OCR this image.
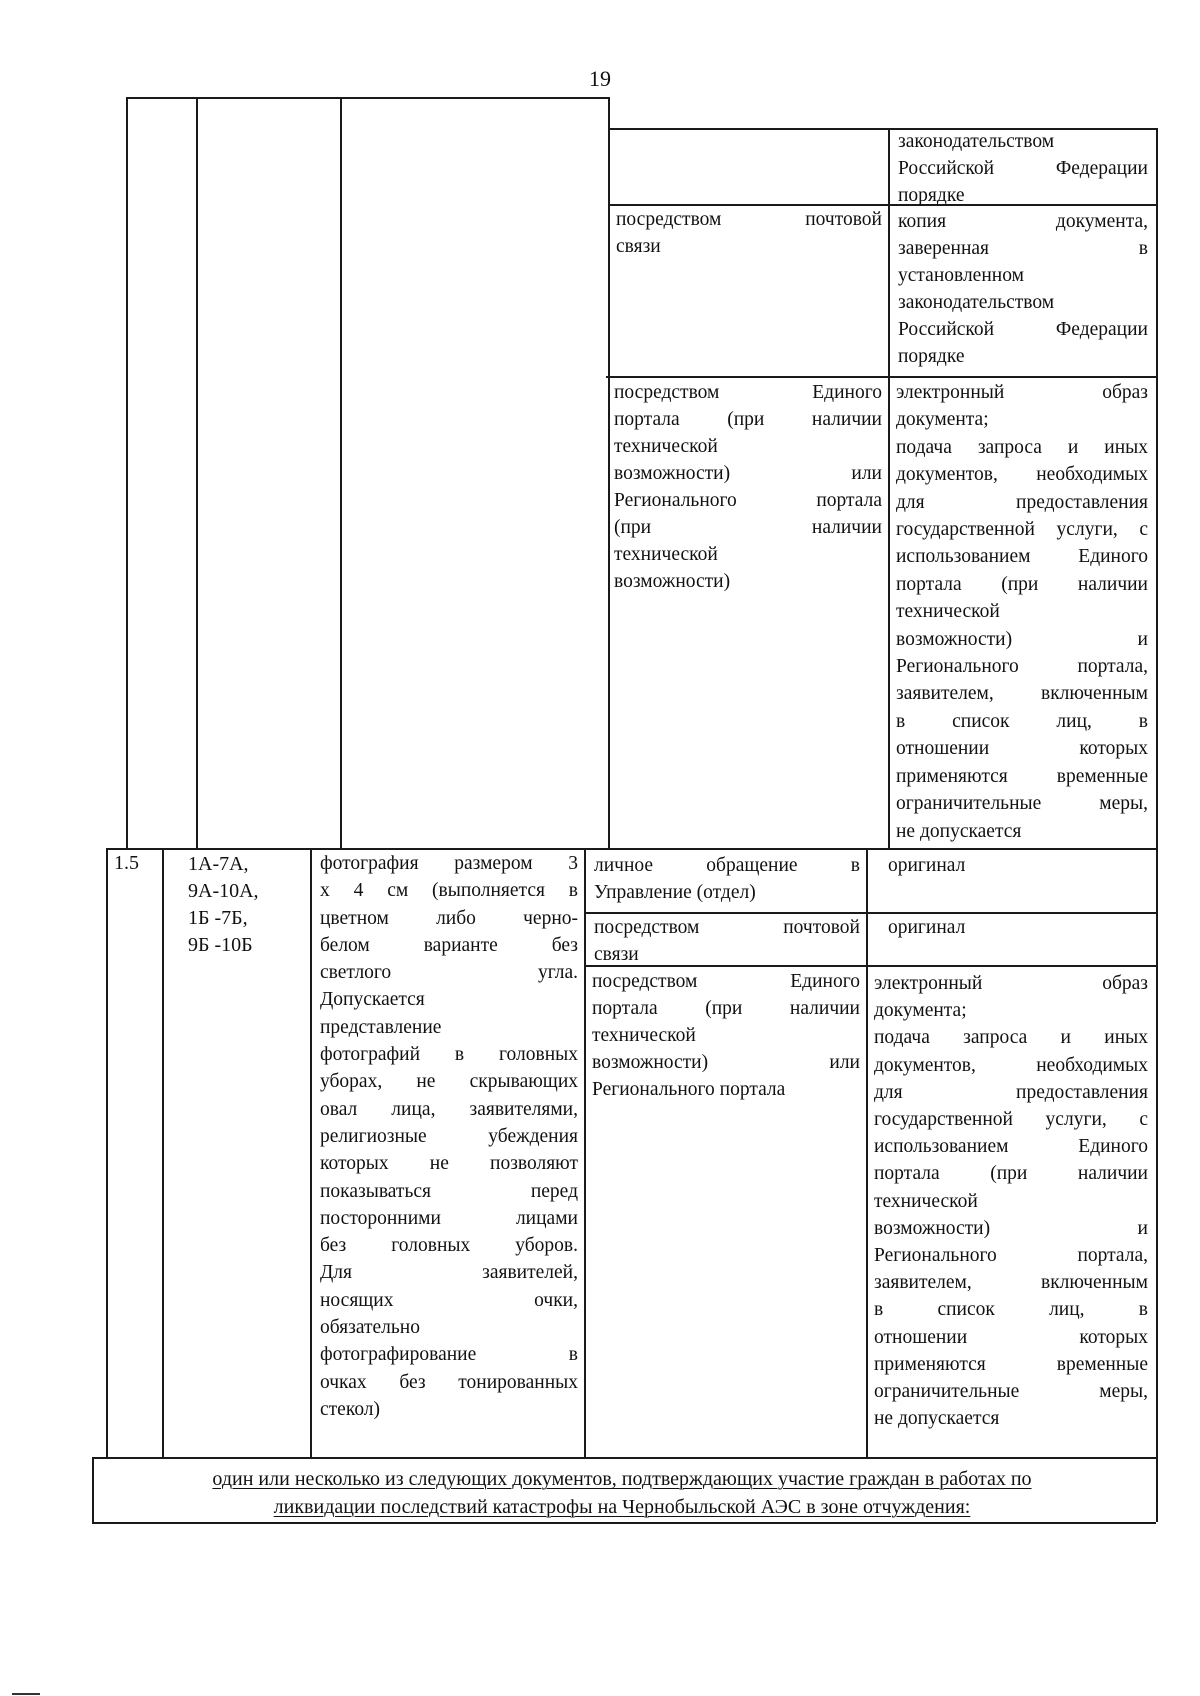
19
законодательством
Российской Федерации
порядке
посредством почтовой
связи
копия документа,
заверенная в
установленном
законодательством
Российской Федерации
порядке
посредством Единого
портала (при наличии
технической
возможности) или
Регионального портала
(при наличии
технической
возможности)
электронный образ
документа;
подача запроса и иных
документов, необходимых
для предоставления
государственной услуги, с
использованием Единого
портала (при наличии
технической
возможности) и
Регионального портала,
заявителем, включенным
в список лиц, в
отношении которых
применяются временные
ограничительные меры,
не допускается
1.5	1А-7А,
9А-10А,
1Б -7Б,
9Б -10Б
фотография размером 3
х 4 см (выполняется в
цветном либо черно-
белом варианте без
светлого угла.
Допускается
представление
фотографий в головных
уборах, не скрывающих
овал лица, заявителями,
религиозные убеждения
которых не позволяют
показываться перед
посторонними лицами
без головных уборов.
Для заявителей,
носящих очки,
обязательно
фотографирование в
очках без тонированных
стекол)
личное обращение в
Управление (отдел)
оригинал
посредством почтовой
связи
оригинал
посредством Единого
портала (при наличии
технической
возможности) или
Регионального портала
электронный образ
документа;
подача запроса и иных
документов, необходимых
для предоставления
государственной услуги, с
использованием Единого
портала (при наличии
технической
возможности) и
Регионального портала,
заявителем, включенным
в список лиц, в
отношении которых
применяются временные
ограничительные меры,
не допускается
один или несколько из следующих документов, подтверждающих участие граждан в работах по
ликвидации последствий катастрофы на Чернобыльской АЭС в зоне отчуждения:
